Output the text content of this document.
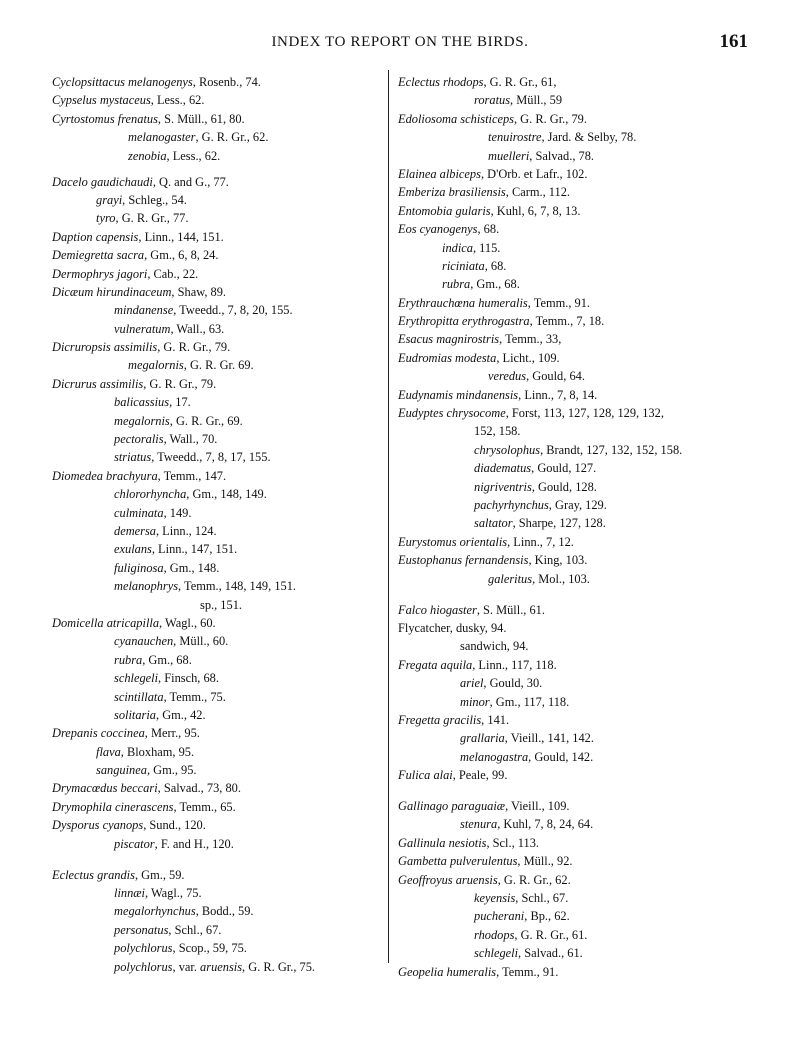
INDEX TO REPORT ON THE BIRDS.	161
Cyclopsittacus melanogenys, Rosenb., 74.
Cypselus mystaceus, Less., 62.
Cyrtostomus frenatus, S. Müll., 61, 80.
melanogaster, G. R. Gr., 62.
zenobia, Less., 62.
Dacelo gaudichaudi, Q. and G., 77.
grayi, Schleg., 54.
tyro, G. R. Gr., 77.
Daption capensis, Linn., 144, 151.
Demiegretta sacra, Gm., 6, 8, 24.
Dermophrys jagori, Cab., 22.
Dicæum hirundinaceum, Shaw, 89.
mindanense, Tweedd., 7, 8, 20, 155.
vulneratum, Wall., 63.
Dicruropsis assimilis, G. R. Gr., 79.
megalornis, G. R. Gr. 69.
Dicrurus assimilis, G. R. Gr., 79.
balicassius, 17.
megalornis, G. R. Gr., 69.
pectoralis, Wall., 70.
striatus, Tweedd., 7, 8, 17, 155.
Diomedea brachyura, Temm., 147.
chlororhyncha, Gm., 148, 149.
culminata, 149.
demersa, Linn., 124.
exulans, Linn., 147, 151.
fuliginosa, Gm., 148.
melanophrys, Temm., 148, 149, 151.
sp., 151.
Domicella atricapilla, Wagl., 60.
cyanauchen, Müll., 60.
rubra, Gm., 68.
schlegeli, Finsch, 68.
scintillata, Temm., 75.
solitaria, Gm., 42.
Drepanis coccinea, Merr., 95.
flava, Bloxham, 95.
sanguinea, Gm., 95.
Drymacœdus beccari, Salvad., 73, 80.
Drymophila cinerascens, Temm., 65.
Dysporus cyanops, Sund., 120.
piscator, F. and H., 120.
Eclectus grandis, Gm., 59.
linnæi, Wagl., 75.
megalorhynchus, Bodd., 59.
personatus, Schl., 67.
polychlorus, Scop., 59, 75.
polychlorus, var. aruensis, G. R. Gr., 75.
Eclectus rhodops, G. R. Gr., 61,
roratus, Müll., 59
Edoliosoma schisticeps, G. R. Gr., 79.
tenuirostre, Jard. & Selby, 78.
muelleri, Salvad., 78.
Elainea albiceps, D'Orb. et Lafr., 102.
Emberiza brasiliensis, Carm., 112.
Entomobia gularis, Kuhl, 6, 7, 8, 13.
Eos cyanogenys, 68.
indica, 115.
riciniata, 68.
rubra, Gm., 68.
Erythrauchœna humeralis, Temm., 91.
Erythropitta erythrogastra, Temm., 7, 18.
Esacus magnirostris, Temm., 33,
Eudromias modesta, Licht., 109.
veredus, Gould, 64.
Eudynamis mindanensis, Linn., 7, 8, 14.
Eudyptes chrysocome, Forst, 113, 127, 128, 129, 132,
152, 158.
chrysolophus, Brandt, 127, 132, 152, 158.
diadematus, Gould, 127.
nigriventris, Gould, 128.
pachyrhynchus, Gray, 129.
saltator, Sharpe, 127, 128.
Eurystomus orientalis, Linn., 7, 12.
Eustophanus fernandensis, King, 103.
galeritus, Mol., 103.
Falco hiogaster, S. Müll., 61.
Flycatcher, dusky, 94.
sandwich, 94.
Fregata aquila, Linn., 117, 118.
ariel, Gould, 30.
minor, Gm., 117, 118.
Fregetta gracilis, 141.
grallaria, Vieill., 141, 142.
melanogastra, Gould, 142.
Fulica alai, Peale, 99.
Gallinago paraguaiæ, Vieill., 109.
stenura, Kuhl, 7, 8, 24, 64.
Gallinula nesiotis, Scl., 113.
Gambetta pulverulentus, Müll., 92.
Geoffroyus aruensis, G. R. Gr., 62.
keyensis, Schl., 67.
pucherani, Bp., 62.
rhodops, G. R. Gr., 61.
schlegeli, Salvad., 61.
Geopelia humeralis, Temm., 91.
